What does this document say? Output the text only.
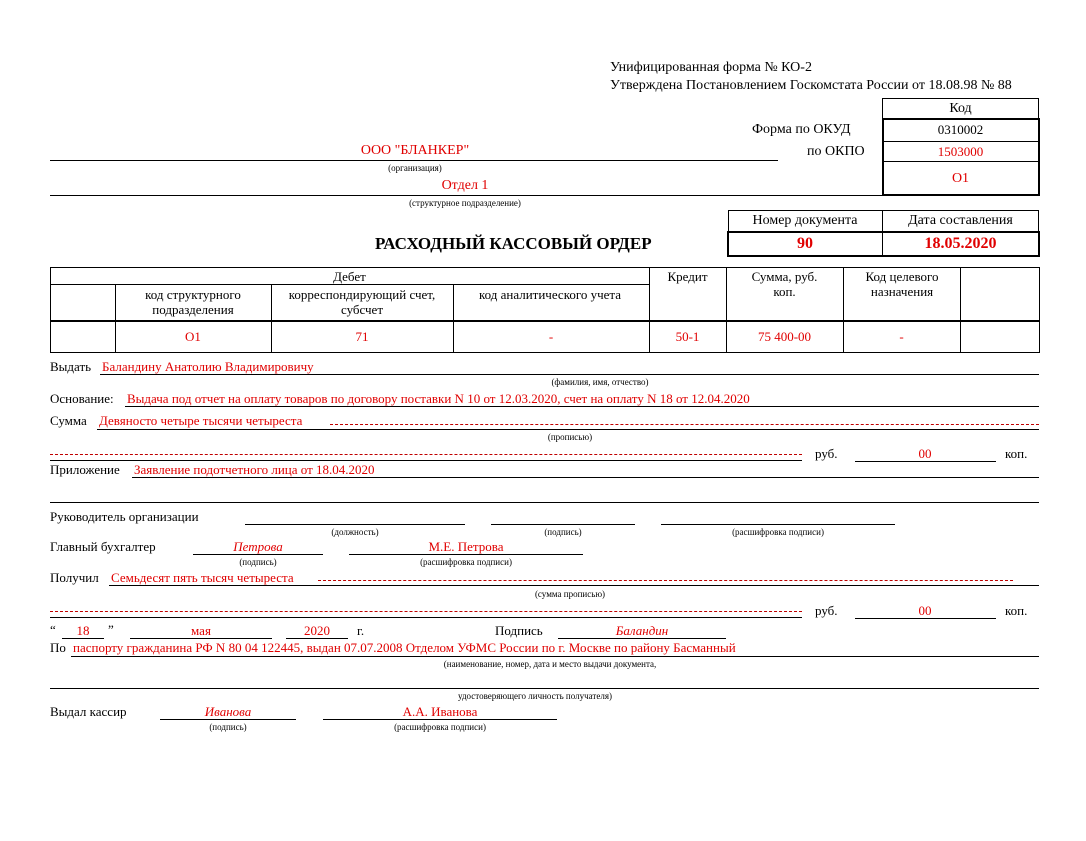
Унифицированная форма № КО-2
Утверждена Постановлением Госкомстата России от 18.08.98 № 88
Код
0310002
1503000
О1
Форма по ОКУД
по ОКПО
ООО "БЛАНКЕР"
(организация)
Отдел 1
(структурное подразделение)
РАСХОДНЫЙ КАССОВЫЙ ОРДЕР
Номер документа	Дата составления
90	18.05.2020
Дебет
код структурного подразделения
корреспондирующий счет, субсчет
код аналитического учета
Кредит	Сумма, руб. коп.
Код целевого назначения
О1	71	-	50-1	75 400-00	-
Выдать Баландину Анатолию Владимировичу
(фамилия, имя, отчество)
Основание: Выдача под отчет на оплату товаров по договору поставки N 10 от 12.03.2020, счет на оплату N 18 от 12.04.2020
Сумма Девяносто четыре тысячи четыреста
(прописью)
руб.	00	коп.
Приложение Заявление подотчетного лица от 18.04.2020
Руководитель организации
(должность)	(подпись)	(расшифровка подписи)
Главный бухгалтер	Петрова
(подпись)
М.Е. Петрова
(расшифровка подписи)
Получил Семьдесят пять тысяч четыреста
(сумма прописью)
руб.	00	коп.
“	18	”	мая	2020	г.	Подпись	Баландин
По паспорту гражданина РФ N 80 04 122445, выдан 07.07.2008 Отделом УФМС России по г. Москве по району Басманный
(наименование, номер, дата и место выдачи документа,
удостоверяющего личность получателя)
Выдал кассир	Иванова
(подпись)
А.А. Иванова
(расшифровка подписи)
